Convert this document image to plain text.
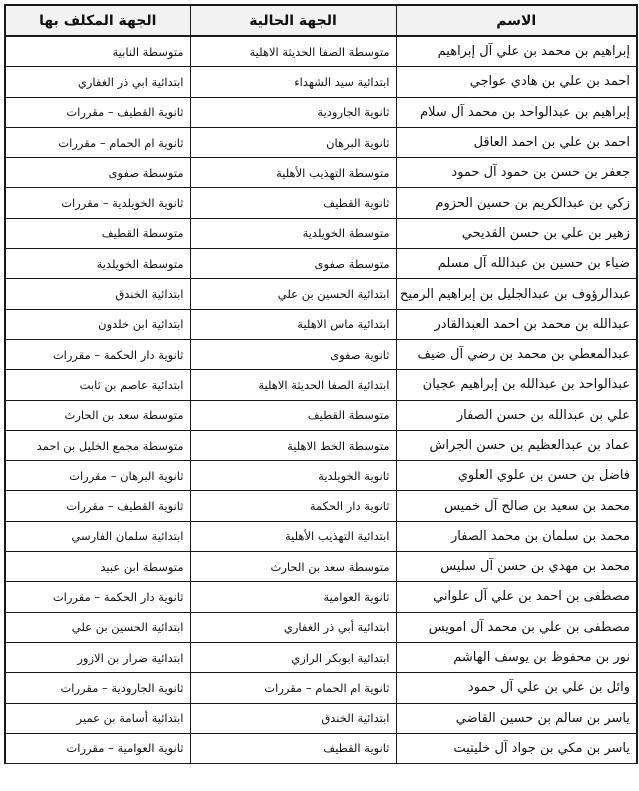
الاسم	الجهة الحالية	الجهة المكلف بها
إبراهيم بن محمد بن علي آل إبراهيم	متوسطة الصفا الحديثة الاهلية	متوسطة النابية
احمد بن علي بن هادي عواجي	ابتدائية سيد الشهداء	ابتدائية ابي ذر الغفاري
إبراهيم بن عبدالواحد بن محمد آل سلام	ثانوية الجارودية	ثانوية القطيف – مقررات
احمد بن علي بن احمد العاقل	ثانوية البرهان	ثانوية ام الحمام – مقررات
جعفر بن حسن بن حمود آل حمود	متوسطة التهذيب الأهلية	متوسطة صفوى
زكي بن عبدالكريم بن حسين الحزوم	ثانوية القطيف	ثانوية الخويلدية – مقررات
زهير بن علي بن حسن القديحي	متوسطة الخويلدية	متوسطة القطيف
ضياء بن حسين بن عبدالله آل مسلم	متوسطة صفوى	متوسطة الخويلدية
عبدالرؤوف بن عبدالجليل بن إبراهيم الرميح	ابتدائية الحسين بن علي	ابتدائية الخندق
عبدالله بن محمد بن احمد العبدالقادر	ابتدائية ماس الاهلية	ابتدائية ابن خلدون
عبدالمعطي بن محمد بن رضي آل ضيف	ثانوية صفوى	ثانوية دار الحكمة – مقررات
عبدالواحد بن عبدالله بن إبراهيم عجيان	ابتدائية الصفا الحديثة الاهلية	ابتدائية عاصم بن ثابت
علي بن عبدالله بن حسن الصفار	متوسطة القطيف	متوسطة سعد بن الحارث
عماد بن عبدالعظيم بن حسن الجراش	متوسطة الخط الاهلية	متوسطة مجمع الخليل بن احمد
فاضل بن حسن بن علوي العلوي	ثانوية الخويلدية	ثانوية البرهان – مقررات
محمد بن سعيد بن صالح آل خميس	ثانوية دار الحكمة	ثانوية القطيف – مقررات
محمد بن سلمان بن محمد الصفار	ابتدائية التهذيب الأهلية	ابتدائية سلمان الفارسي
محمد بن مهدي بن حسن آل سليس	متوسطة سعد بن الحارث	متوسطة ابن عبيد
مصطفى بن احمد بن علي آل علواني	ثانوية العوامية	ثانوية دار الحكمة – مقررات
مصطفى بن علي بن محمد آل امويس	ابتدائية أبي ذر الغفاري	ابتدائية الحسين بن علي
نور بن محفوظ بن يوسف الهاشم	ابتدائية ابوبكر الرازي	ابتدائية ضرار بن الازور
وائل بن علي بن علي آل حمود	ثانوية ام الحمام – مقررات	ثانوية الجارودية – مقررات
ياسر بن سالم بن حسين القاضي	ابتدائية الخندق	ابتدائية أسامة بن عمير
ياسر بن مكي بن جواد آل خليتيت	ثانوية القطيف	ثانوية العوامية – مقررات
